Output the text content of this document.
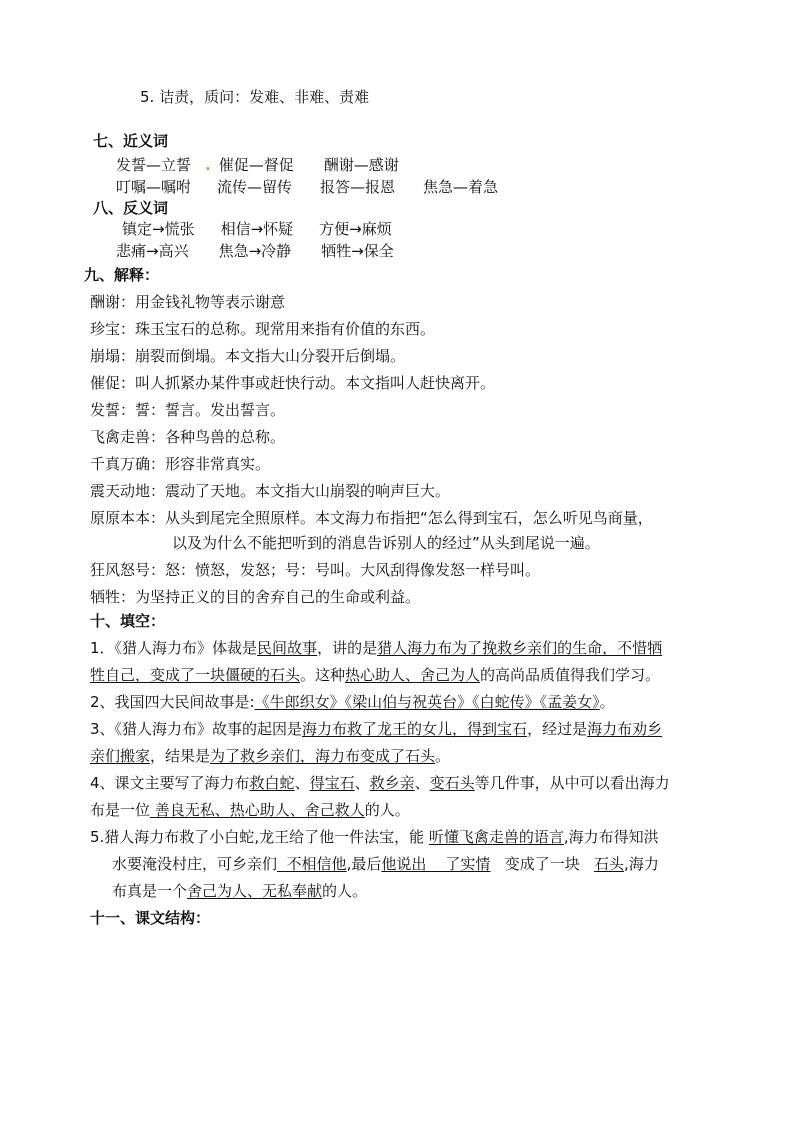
5. 诘责，质问：发难、非难、责难
七、近义词
发誓—立誓 . 催促—督促 酬谢—感谢
叮嘱—嘱咐 流传—留传 报答—报恩 焦急—着急
八、反义词
镇定→慌张 相信→怀疑 方便→麻烦
悲痛→高兴 焦急→冷静 牺牲→保全
九、解释：
酬谢：用金钱礼物等表示谢意
珍宝：珠玉宝石的总称。现常用来指有价值的东西。
崩塌：崩裂而倒塌。本文指大山分裂开后倒塌。
催促：叫人抓紧办某件事或赶快行动。本文指叫人赶快离开。
发誓：誓：誓言。发出誓言。
飞禽走兽：各种鸟兽的总称。
千真万确：形容非常真实。
震天动地：震动了天地。本文指大山崩裂的响声巨大。
原原本本：从头到尾完全照原样。本文海力布指把“怎么得到宝石，怎么听见鸟商量，
以及为什么不能把听到的消息告诉别人的经过”从头到尾说一遍。
狂风怒号：怒：愤怒，发怒；号：号叫。大风刮得像发怒一样号叫。
牺牲：为坚持正义的目的舍弃自己的生命或利益。
十、填空：
1．《猎人海力布》体裁是民间故事，讲的是猎人海力布为了挽救乡亲们的生命，不惜牺
牲自己，变成了一块僵硬的石头。这种热心助人、舍己为人的高尚品质值得我们学习。
2、我国四大民间故事是:《牛郎织女》《梁山伯与祝英台》《白蛇传》《孟姜女》。
3、《猎人海力布》故事的起因是海力布救了龙王的女儿，得到宝石，经过是海力布劝乡
亲们搬家，结果是为了救乡亲们，海力布变成了石头。
4、课文主要写了海力布救白蛇、得宝石、救乡亲、变石头等几件事，从中可以看出海力
布是一位 善良无私、热心助人、舍己救人的人。
5.猎人海力布救了小白蛇,龙王给了他一件法宝，能 听懂飞禽走兽的语言,海力布得知洪
水要淹没村庄，可乡亲们  不相信他,最后他说出    了实情   变成了一块   石头,海力
布真是一个舍己为人、无私奉献的人。
十一、课文结构：
